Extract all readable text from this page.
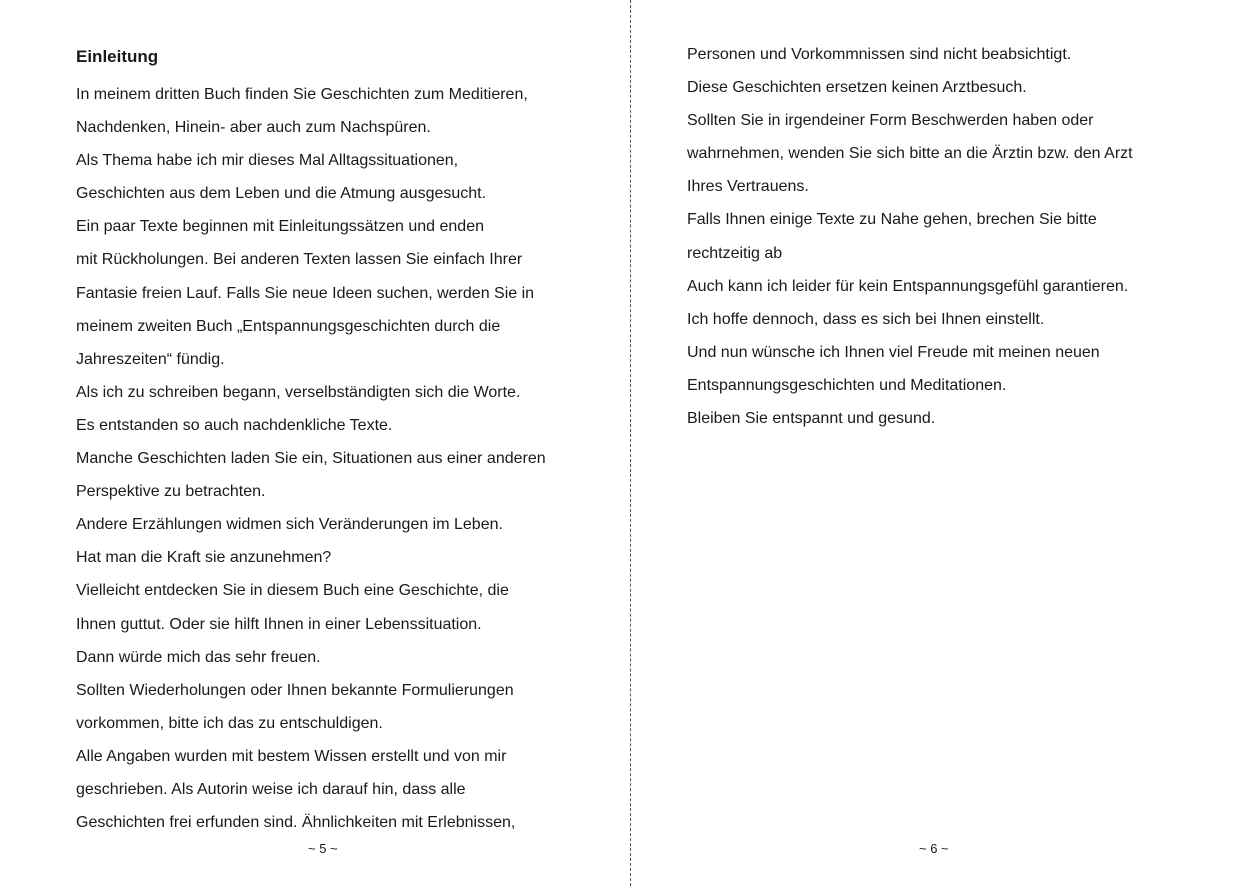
Einleitung
In meinem dritten Buch finden Sie Geschichten zum Meditieren,
Nachdenken, Hinein- aber auch zum Nachspüren.
Als Thema habe ich mir dieses Mal Alltagssituationen,
Geschichten aus dem Leben und die Atmung ausgesucht.
Ein paar Texte beginnen mit Einleitungssätzen und enden
mit Rückholungen. Bei anderen Texten lassen Sie einfach Ihrer
Fantasie freien Lauf. Falls Sie neue Ideen suchen, werden Sie in
meinem zweiten Buch „Entspannungsgeschichten durch die
Jahreszeiten“ fündig.
Als ich zu schreiben begann, verselbständigten sich die Worte.
Es entstanden so auch nachdenkliche Texte.
Manche Geschichten laden Sie ein, Situationen aus einer anderen
Perspektive zu betrachten.
Andere Erzählungen widmen sich Veränderungen im Leben.
Hat man die Kraft sie anzunehmen?
Vielleicht entdecken Sie in diesem Buch eine Geschichte, die
Ihnen guttut. Oder sie hilft Ihnen in einer Lebenssituation.
Dann würde mich das sehr freuen.
Sollten Wiederholungen oder Ihnen bekannte Formulierungen
vorkommen, bitte ich das zu entschuldigen.
Alle Angaben wurden mit bestem Wissen erstellt und von mir
geschrieben. Als Autorin weise ich darauf hin, dass alle
Geschichten frei erfunden sind. Ähnlichkeiten mit Erlebnissen,
~ 5 ~
Personen und Vorkommnissen sind nicht beabsichtigt.
Diese Geschichten ersetzen keinen Arztbesuch.
Sollten Sie in irgendeiner Form Beschwerden haben oder
wahrnehmen, wenden Sie sich bitte an die Ärztin bzw. den Arzt
Ihres Vertrauens.
Falls Ihnen einige Texte zu Nahe gehen, brechen Sie bitte
rechtzeitig ab
Auch kann ich leider für kein Entspannungsgefühl garantieren.
Ich hoffe dennoch, dass es sich bei Ihnen einstellt.
Und nun wünsche ich Ihnen viel Freude mit meinen neuen
Entspannungsgeschichten und Meditationen.
Bleiben Sie entspannt und gesund.
~ 6 ~
